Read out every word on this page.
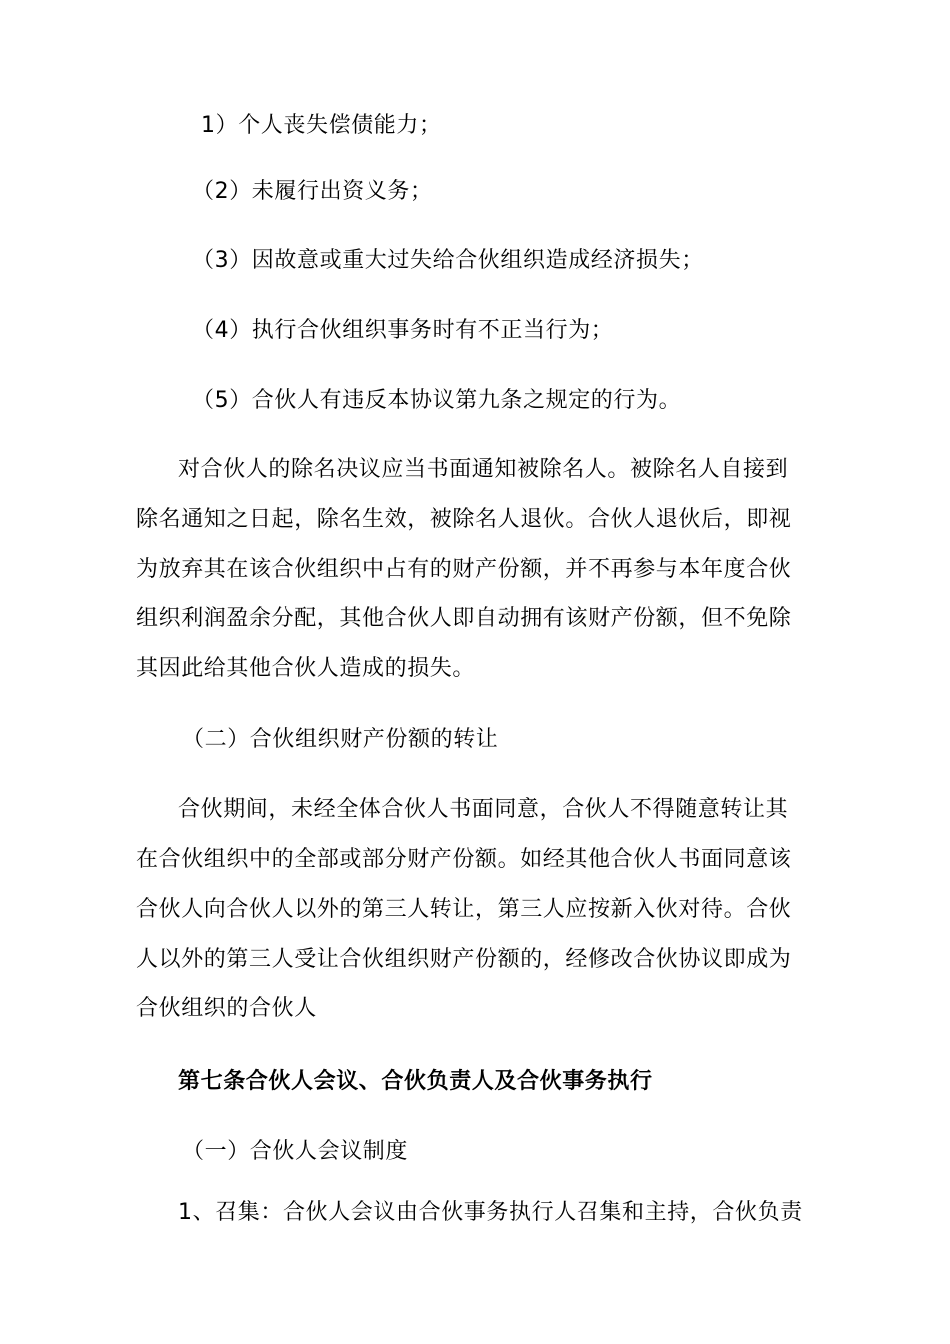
1）个人丧失偿债能力；
（2）未履行出资义务；
（3）因故意或重大过失给合伙组织造成经济损失；
（4）执行合伙组织事务时有不正当行为；
（5）合伙人有违反本协议第九条之规定的行为。
对合伙人的除名决议应当书面通知被除名人。被除名人自接到
除名通知之日起，除名生效，被除名人退伙。合伙人退伙后，即视
为放弃其在该合伙组织中占有的财产份额，并不再参与本年度合伙
组织利润盈余分配，其他合伙人即自动拥有该财产份额，但不免除
其因此给其他合伙人造成的损失。
（二）合伙组织财产份额的转让
合伙期间，未经全体合伙人书面同意，合伙人不得随意转让其
在合伙组织中的全部或部分财产份额。如经其他合伙人书面同意该
合伙人向合伙人以外的第三人转让，第三人应按新入伙对待。合伙
人以外的第三人受让合伙组织财产份额的，经修改合伙协议即成为
合伙组织的合伙人
第七条合伙人会议、合伙负责人及合伙事务执行
（一）合伙人会议制度
1、召集：合伙人会议由合伙事务执行人召集和主持，合伙负责
